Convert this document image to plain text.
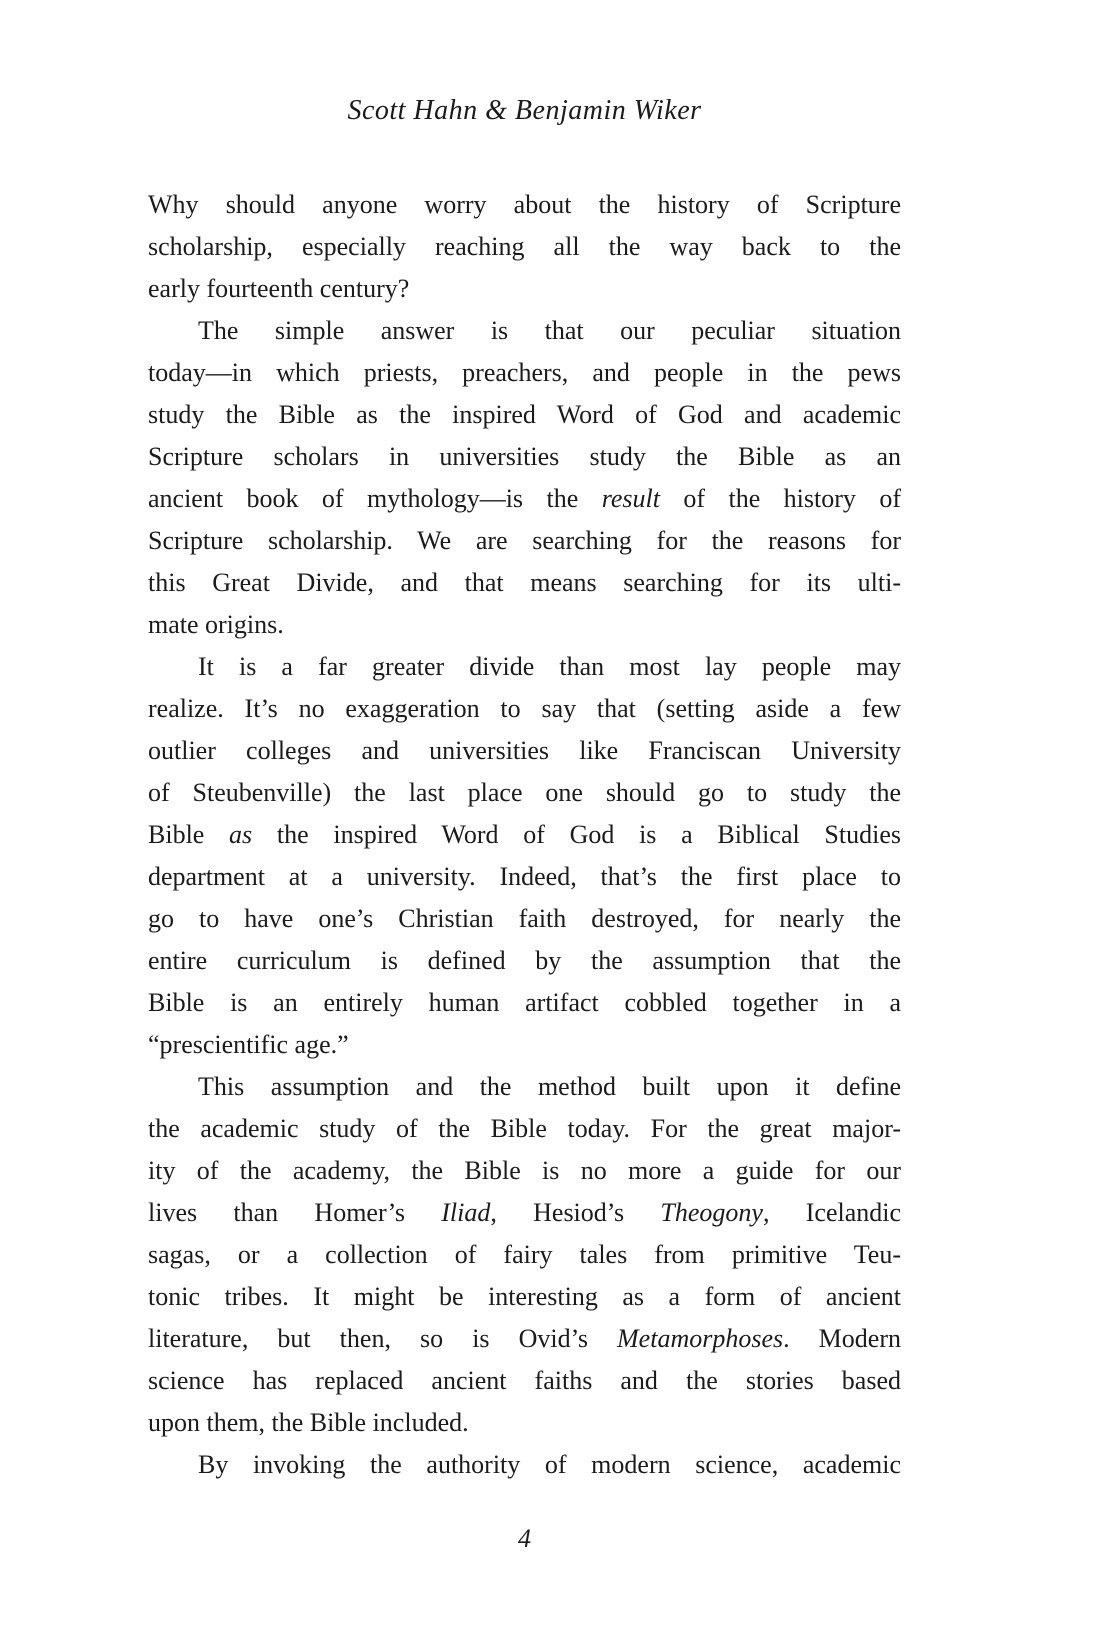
Scott Hahn & Benjamin Wiker
Why should anyone worry about the history of Scripture
scholarship, especially reaching all the way back to the
early fourteenth century?
The simple answer is that our peculiar situation
today—in which priests, preachers, and people in the pews
study the Bible as the inspired Word of God and academic
Scripture scholars in universities study the Bible as an
ancient book of mythology—is the result of the history of
Scripture scholarship. We are searching for the reasons for
this Great Divide, and that means searching for its ulti-
mate origins.
It is a far greater divide than most lay people may
realize. It’s no exaggeration to say that (setting aside a few
outlier colleges and universities like Franciscan University
of Steubenville) the last place one should go to study the
Bible as the inspired Word of God is a Biblical Studies
department at a university. Indeed, that’s the first place to
go to have one’s Christian faith destroyed, for nearly the
entire curriculum is defined by the assumption that the
Bible is an entirely human artifact cobbled together in a
“prescientific age.”
This assumption and the method built upon it define
the academic study of the Bible today. For the great major-
ity of the academy, the Bible is no more a guide for our
lives than Homer’s Iliad, Hesiod’s Theogony, Icelandic
sagas, or a collection of fairy tales from primitive Teu-
tonic tribes. It might be interesting as a form of ancient
literature, but then, so is Ovid’s Metamorphoses. Modern
science has replaced ancient faiths and the stories based
upon them, the Bible included.
By invoking the authority of modern science, academic
4
